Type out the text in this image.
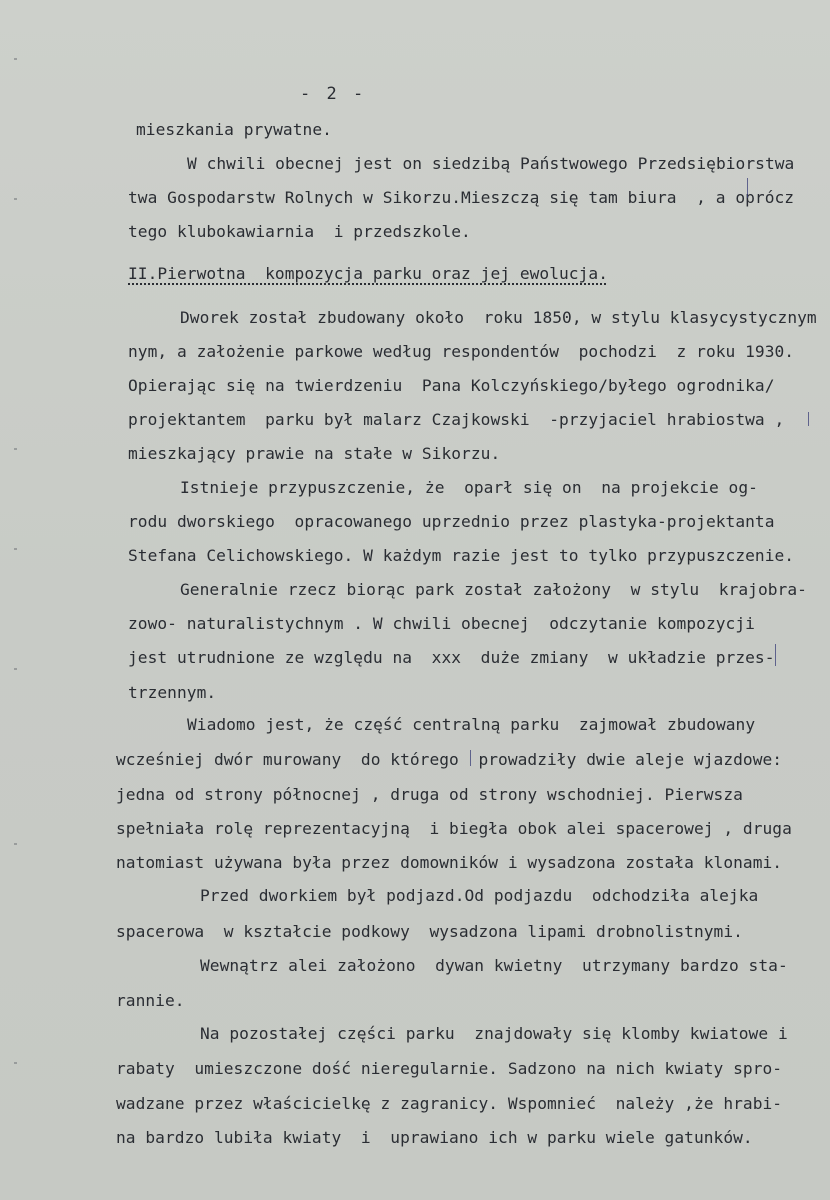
- 2 -
mieszkania prywatne.
W chwili obecnej jest on siedzibą Państwowego Przedsiębiorstwa
twa Gospodarstw Rolnych w Sikorzu.Mieszczą się tam biura  , a oprócz
tego klubokawiarnia  i przedszkole.
II.Pierwotna  kompozycja parku oraz jej ewolucja.
Dworek został zbudowany około  roku 1850, w stylu klasycystycznym
nym, a założenie parkowe według respondentów  pochodzi  z roku 1930.
Opierając się na twierdzeniu  Pana Kolczyńskiego/byłego ogrodnika/
projektantem  parku był malarz Czajkowski  -przyjaciel hrabiostwa ,
mieszkający prawie na stałe w Sikorzu.
Istnieje przypuszczenie, że  oparł się on  na projekcie og-
rodu dworskiego  opracowanego uprzednio przez plastyka-projektanta
Stefana Celichowskiego. W każdym razie jest to tylko przypuszczenie.
Generalnie rzecz biorąc park został założony  w stylu  krajobra-
zowo- naturalistychnym . W chwili obecnej  odczytanie kompozycji
jest utrudnione ze względu na  xxx  duże zmiany  w układzie przes-
trzennym.
Wiadomo jest, że część centralną parku  zajmował zbudowany
wcześniej dwór murowany  do którego  prowadziły dwie aleje wjazdowe:
jedna od strony północnej , druga od strony wschodniej. Pierwsza
spełniała rolę reprezentacyjną  i biegła obok alei spacerowej , druga
natomiast używana była przez domowników i wysadzona została klonami.
Przed dworkiem był podjazd.Od podjazdu  odchodziła alejka
spacerowa  w kształcie podkowy  wysadzona lipami drobnolistnymi.
Wewnątrz alei założono  dywan kwietny  utrzymany bardzo sta-
rannie.
Na pozostałej części parku  znajdowały się klomby kwiatowe i
rabaty  umieszczone dość nieregularnie. Sadzono na nich kwiaty spro-
wadzane przez właścicielkę z zagranicy. Wspomnieć  należy ,że hrabi-
na bardzo lubiła kwiaty  i  uprawiano ich w parku wiele gatunków.
